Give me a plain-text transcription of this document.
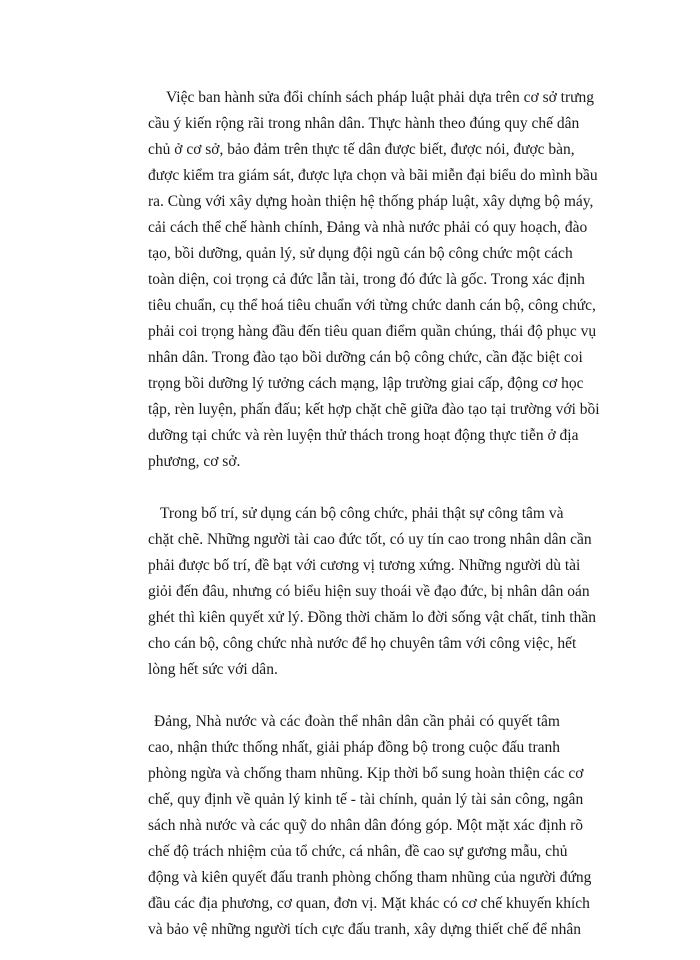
Việc ban hành sửa đổi chính sách pháp luật phải dựa trên cơ sở trưng
cầu ý kiến rộng rãi trong nhân dân. Thực hành theo đúng quy chế dân
chủ ở cơ sở, bảo đảm trên thực tế dân được biết, được nói, được bàn,
được kiểm tra giám sát, được lựa chọn và bãi miễn đại biểu do mình bầu
ra. Cùng với xây dựng hoàn thiện hệ thống pháp luật, xây dựng bộ máy,
cải cách thể chế hành chính, Đảng và nhà nước phải có quy hoạch, đào
tạo, bồi dưỡng, quản lý, sử dụng đội ngũ cán bộ công chức một cách
toàn diện, coi trọng cả đức lẫn tài, trong đó đức là gốc. Trong xác định
tiêu chuẩn, cụ thể hoá tiêu chuẩn với từng chức danh cán bộ, công chức,
phải coi trọng hàng đầu đến tiêu quan điểm quần chúng, thái độ phục vụ
nhân dân. Trong đào tạo bồi dưỡng cán bộ công chức, cần đặc biệt coi
trọng bồi dưỡng lý tưởng cách mạng, lập trường giai cấp, động cơ học
tập, rèn luyện, phấn đấu; kết hợp chặt chẽ giữa đào tạo tại trường với bồi
dưỡng tại chức và rèn luyện thử thách trong hoạt động thực tiễn ở địa
phương, cơ sở.
Trong bố trí, sử dụng cán bộ công chức, phải thật sự công tâm và
chặt chẽ. Những người tài cao đức tốt, có uy tín cao trong nhân dân cần
phải được bố trí, đề bạt với cương vị tương xứng. Những người dù tài
giỏi đến đâu, nhưng có biểu hiện suy thoái về đạo đức, bị nhân dân oán
ghét thì kiên quyết xử lý. Đồng thời chăm lo đời sống vật chất, tinh thần
cho cán bộ, công chức nhà nước để họ chuyên tâm với công việc, hết
lòng hết sức với dân.
Đảng, Nhà nước và các đoàn thể nhân dân cần phải có quyết tâm
cao, nhận thức thống nhất, giải pháp đồng bộ trong cuộc đấu tranh
phòng ngừa và chống tham nhũng. Kịp thời bổ sung hoàn thiện các cơ
chế, quy định về quản lý kinh tế - tài chính, quản lý tài sản công, ngân
sách nhà nước và các quỹ do nhân dân đóng góp. Một mặt xác định rõ
chế độ trách nhiệm của tổ chức, cá nhân, đề cao sự gương mẫu, chủ
động và kiên quyết đấu tranh phòng chống tham nhũng của người đứng
đầu các địa phương, cơ quan, đơn vị. Mặt khác có cơ chế khuyến khích
và bảo vệ những người tích cực đấu tranh, xây dựng thiết chế để nhân
